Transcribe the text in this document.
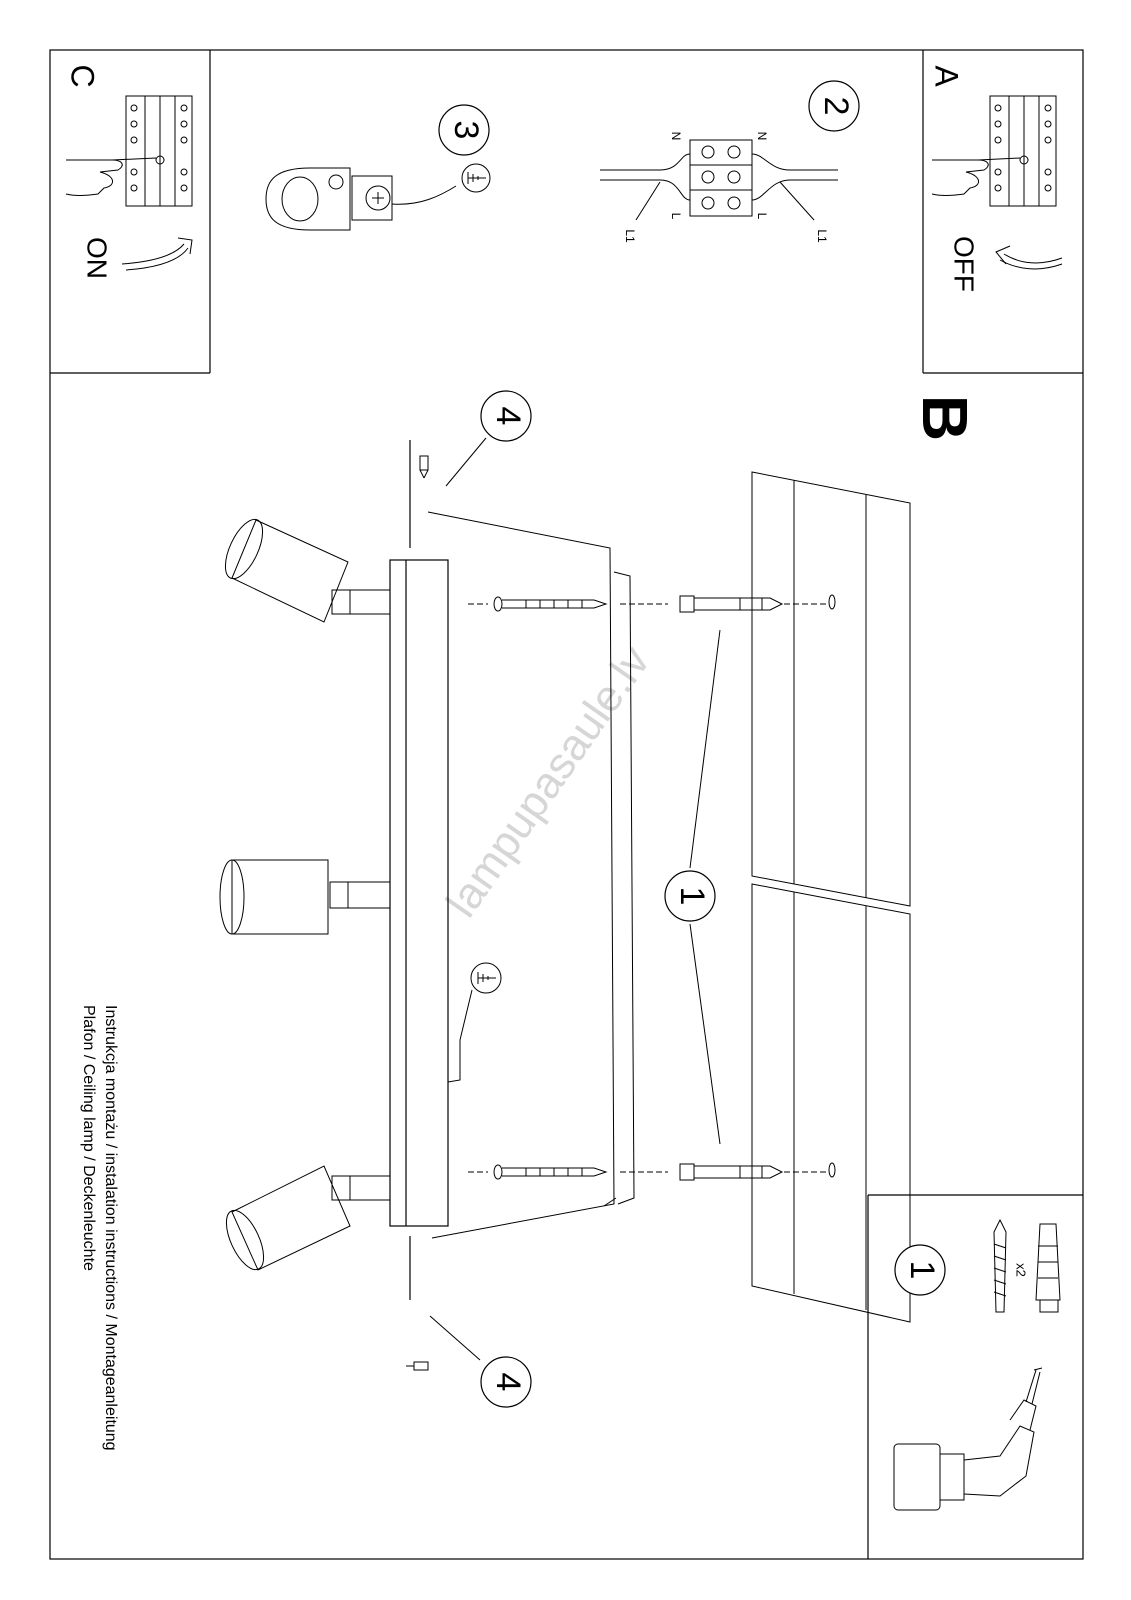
lampupasaule.lv
C
ON
A
OFF
2
N	N
L	L
L1	L1
3
B
1
4
4
1	x2
Instrukcja montażu / instalation instructions / Montageanleitung
Plafon / Ceiling lamp / Deckenleuchte
